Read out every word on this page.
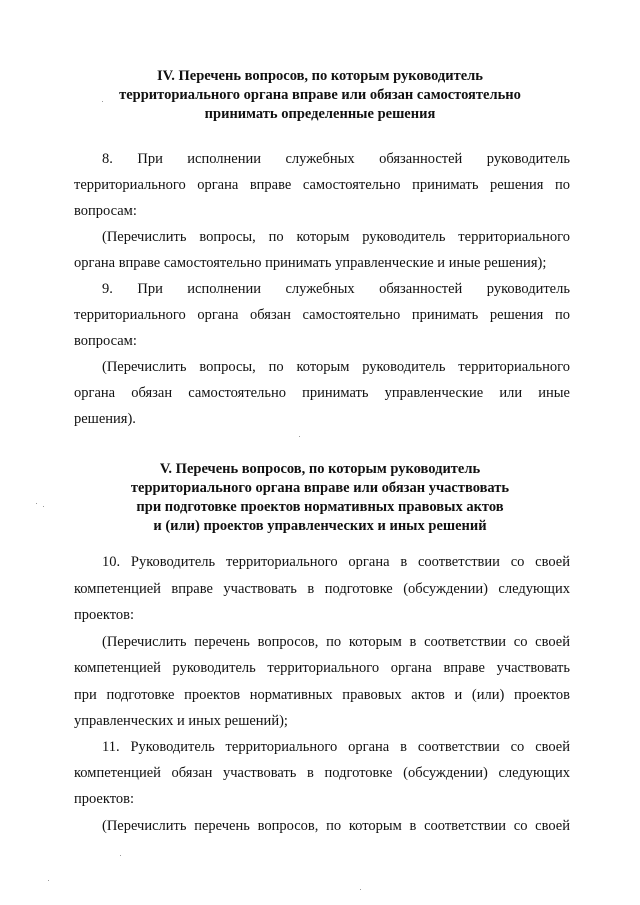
IV. Перечень вопросов, по которым руководитель
территориального органа вправе или обязан самостоятельно
принимать определенные решения
8. При исполнении служебных обязанностей руководитель
территориального органа вправе самостоятельно принимать решения по
вопросам:
(Перечислить вопросы, по которым руководитель территориального
органа вправе самостоятельно принимать управленческие и иные решения);
9. При исполнении служебных обязанностей руководитель
территориального органа обязан самостоятельно принимать решения по
вопросам:
(Перечислить вопросы, по которым руководитель территориального
органа обязан самостоятельно принимать управленческие или иные
решения).
V. Перечень вопросов, по которым руководитель
территориального органа вправе или обязан участвовать
при подготовке проектов нормативных правовых актов
и (или) проектов управленческих и иных решений
10. Руководитель территориального органа в соответствии со своей
компетенцией вправе участвовать в подготовке (обсуждении) следующих
проектов:
(Перечислить перечень вопросов, по которым в соответствии со своей
компетенцией руководитель территориального органа вправе участвовать
при подготовке проектов нормативных правовых актов и (или) проектов
управленческих и иных решений);
11. Руководитель территориального органа в соответствии со своей
компетенцией обязан участвовать в подготовке (обсуждении) следующих
проектов:
(Перечислить перечень вопросов, по которым в соответствии со своей
